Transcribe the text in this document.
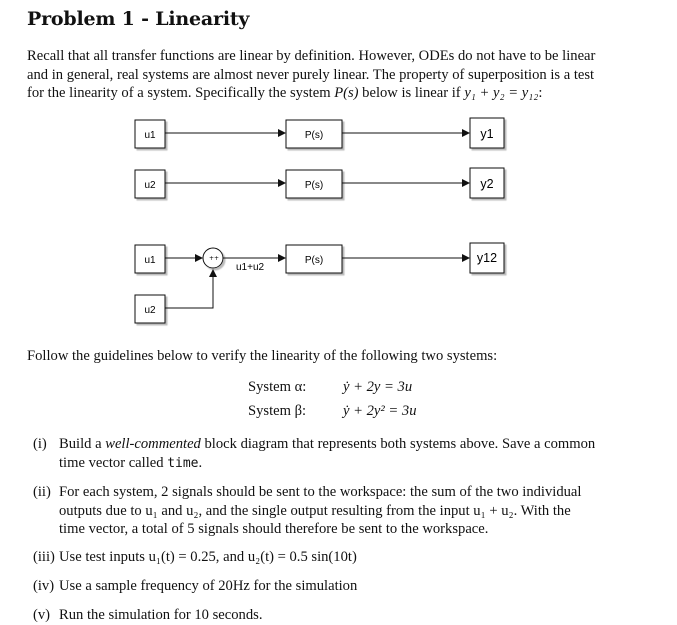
Problem 1 - Linearity
Recall that all transfer functions are linear by definition. However, ODEs do not have to be linear
and in general, real systems are almost never purely linear. The property of superposition is a test
for the linearity of a system. Specifically the system P(s) below is linear if y₁ + y₂ = y₁₂:
u1	P(s)	y1
u2	P(s)	y2
u1	++
u2
u1+u2
P(s)	y12

Follow the guidelines below to verify the linearity of the following two systems:

System α:	ẏ + 2y = 3u
System β:	ẏ + 2y² = 3u
(i) Build a well-commented block diagram that represents both systems above. Save a common
time vector called time.
(ii) For each system, 2 signals should be sent to the workspace: the sum of the two individual
outputs due to u₁ and u₂, and the single output resulting from the input u₁ + u₂. With the
time vector, a total of 5 signals should therefore be sent to the workspace.
(iii) Use test inputs u₁(t) = 0.25, and u₂(t) = 0.5 sin(10t)
(iv) Use a sample frequency of 20Hz for the simulation
(v) Run the simulation for 10 seconds.
